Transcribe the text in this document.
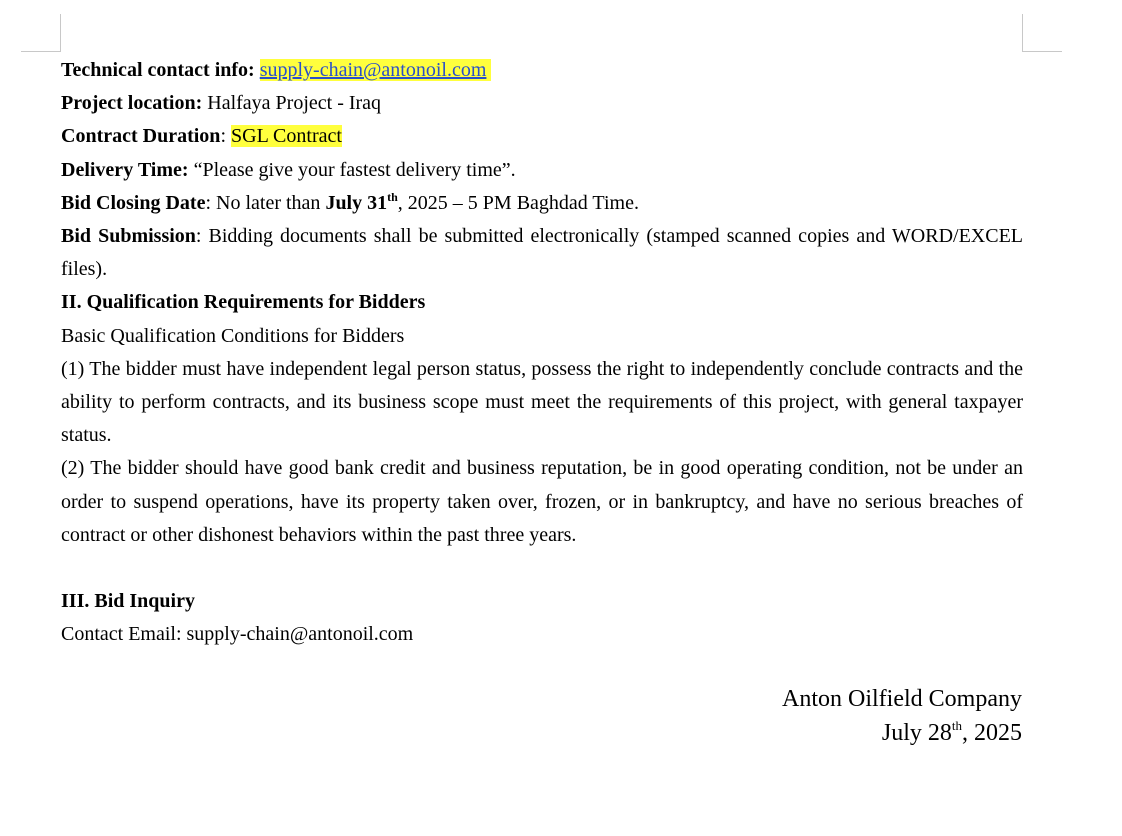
Technical contact info: supply-chain@antonoil.com
Project location: Halfaya Project - Iraq
Contract Duration: SGL Contract
Delivery Time: “Please give your fastest delivery time”.
Bid Closing Date: No later than July 31th, 2025 – 5 PM Baghdad Time.
Bid Submission: Bidding documents shall be submitted electronically (stamped scanned copies and WORD/EXCEL files).
II. Qualification Requirements for Bidders
Basic Qualification Conditions for Bidders
(1) The bidder must have independent legal person status, possess the right to independently conclude contracts and the ability to perform contracts, and its business scope must meet the requirements of this project, with general taxpayer status.
(2) The bidder should have good bank credit and business reputation, be in good operating condition, not be under an order to suspend operations, have its property taken over, frozen, or in bankruptcy, and have no serious breaches of contract or other dishonest behaviors within the past three years.
III. Bid Inquiry
Contact Email: supply-chain@antonoil.com
Anton Oilfield Company
July 28th, 2025
